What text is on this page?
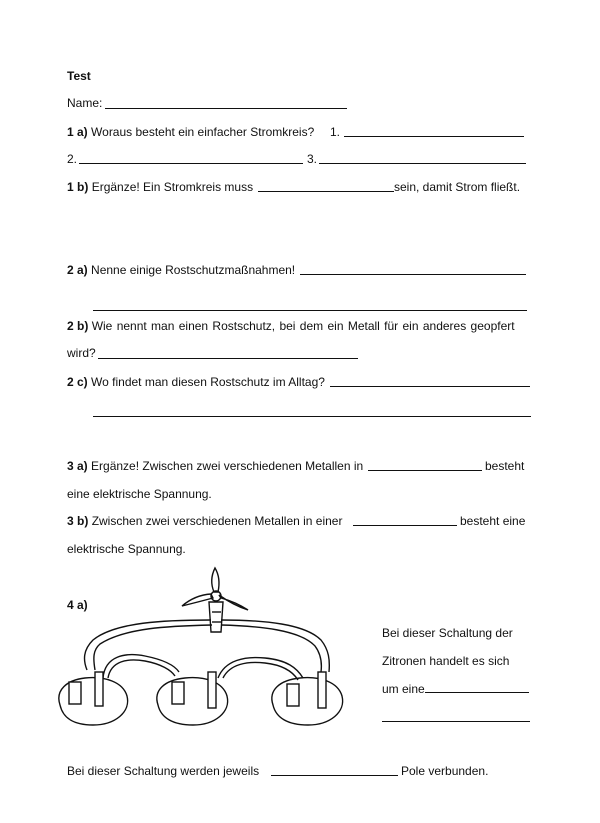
Test
Name:
1 a) Woraus besteht ein einfacher Stromkreis? 1.
2.	3.
1 b) Ergänze! Ein Stromkreis muss	sein, damit Strom fließt.
2 a) Nenne einige Rostschutzmaßnahmen!
2 b) Wie nennt man einen Rostschutz, bei dem ein Metall für ein anderes geopfert
wird?
2 c) Wo findet man diesen Rostschutz im Alltag?
3 a) Ergänze! Zwischen zwei verschiedenen Metallen in	besteht
eine elektrische Spannung.
3 b) Zwischen zwei verschiedenen Metallen in einer	besteht eine
elektrische Spannung.
4 a)
Bei dieser Schaltung der
Zitronen handelt es sich
um eine
Bei dieser Schaltung werden jeweils	Pole verbunden.
